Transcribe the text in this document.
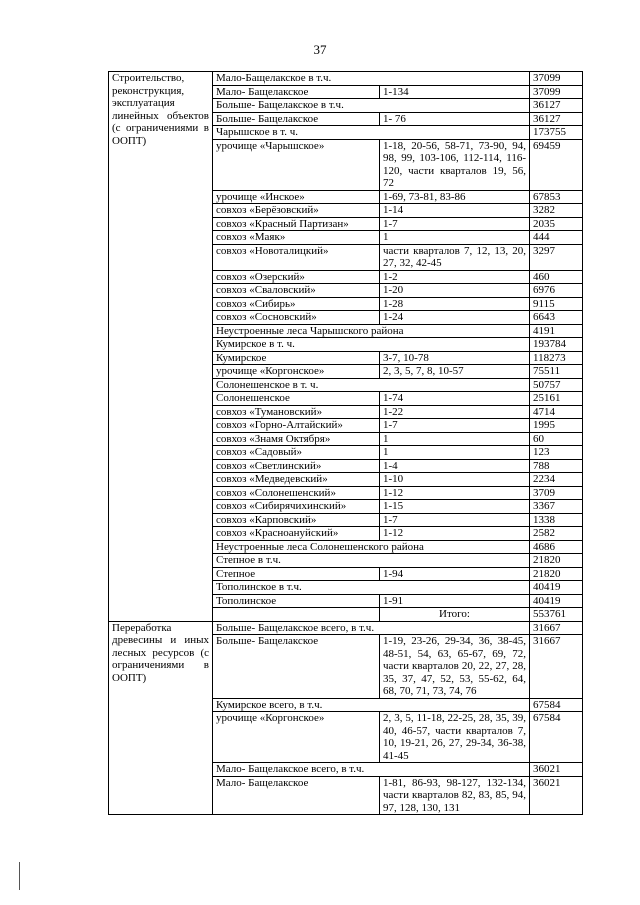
37
Строительство, реконструкция, эксплуатация линейных объектов (с ограничениями в ООПТ)	Мало-Бащелакское в т.ч.		37099
	Мало- Бащелакское	1-134	37099
	Больше- Бащелакское в т.ч.		36127
	Больше- Бащелакское	1- 76	36127
	Чарышское в т. ч.		173755
	урочище «Чарышское»	1-18, 20-56, 58-71, 73-90, 94, 98, 99, 103-106, 112-114, 116-120, части кварталов 19, 56, 72	69459
	урочище «Инское»	1-69, 73-81, 83-86	67853
	совхоз «Берёзовский»	1-14	3282
	совхоз «Красный Партизан»	1-7	2035
	совхоз «Маяк»	1	444
	совхоз «Новоталицкий»	части кварталов 7, 12, 13, 20, 27, 32, 42-45	3297
	совхоз «Озерский»	1-2	460
	совхоз «Сваловский»	1-20	6976
	совхоз «Сибирь»	1-28	9115
	совхоз «Сосновский»	1-24	6643
	Неустроенные леса Чарышского района		4191
	Кумирское в т. ч.		193784
	Кумирское	3-7, 10-78	118273
	урочище «Коргонское»	2, 3, 5, 7, 8, 10-57	75511
	Солонешенское в т. ч.		50757
	Солонешенское	1-74	25161
	совхоз «Тумановский»	1-22	4714
	совхоз «Горно-Алтайский»	1-7	1995
	совхоз «Знамя Октября»	1	60
	совхоз «Садовый»	1	123
	совхоз «Светлинский»	1-4	788
	совхоз «Медведевский»	1-10	2234
	совхоз «Солонешенский»	1-12	3709
	совхоз «Сибирячихинский»	1-15	3367
	совхоз «Карповский»	1-7	1338
	совхоз «Красноануйский»	1-12	2582
	Неустроенные леса Солонешенского района		4686
	Степное в т.ч.		21820
	Степное	1-94	21820
	Тополинское в т.ч.		40419
	Тополинское	1-91	40419
		Итого:	553761
Переработка древесины и иных лесных ресурсов (с ограничениями в ООПТ)	Больше- Бащелакское всего, в т.ч.		31667
	Больше- Бащелакское	1-19, 23-26, 29-34, 36, 38-45, 48-51, 54, 63, 65-67, 69, 72, части кварталов 20, 22, 27, 28, 35, 37, 47, 52, 53, 55-62, 64, 68, 70, 71, 73, 74, 76	31667
	Кумирское всего, в т.ч.		67584
	урочище «Коргонское»	2, 3, 5, 11-18, 22-25, 28, 35, 39, 40, 46-57, части кварталов 7, 10, 19-21, 26, 27, 29-34, 36-38, 41-45	67584
	Мало- Бащелакское всего, в т.ч.		36021
	Мало- Бащелакское	1-81, 86-93, 98-127, 132-134, части кварталов 82, 83, 85, 94, 97, 128, 130, 131	36021
